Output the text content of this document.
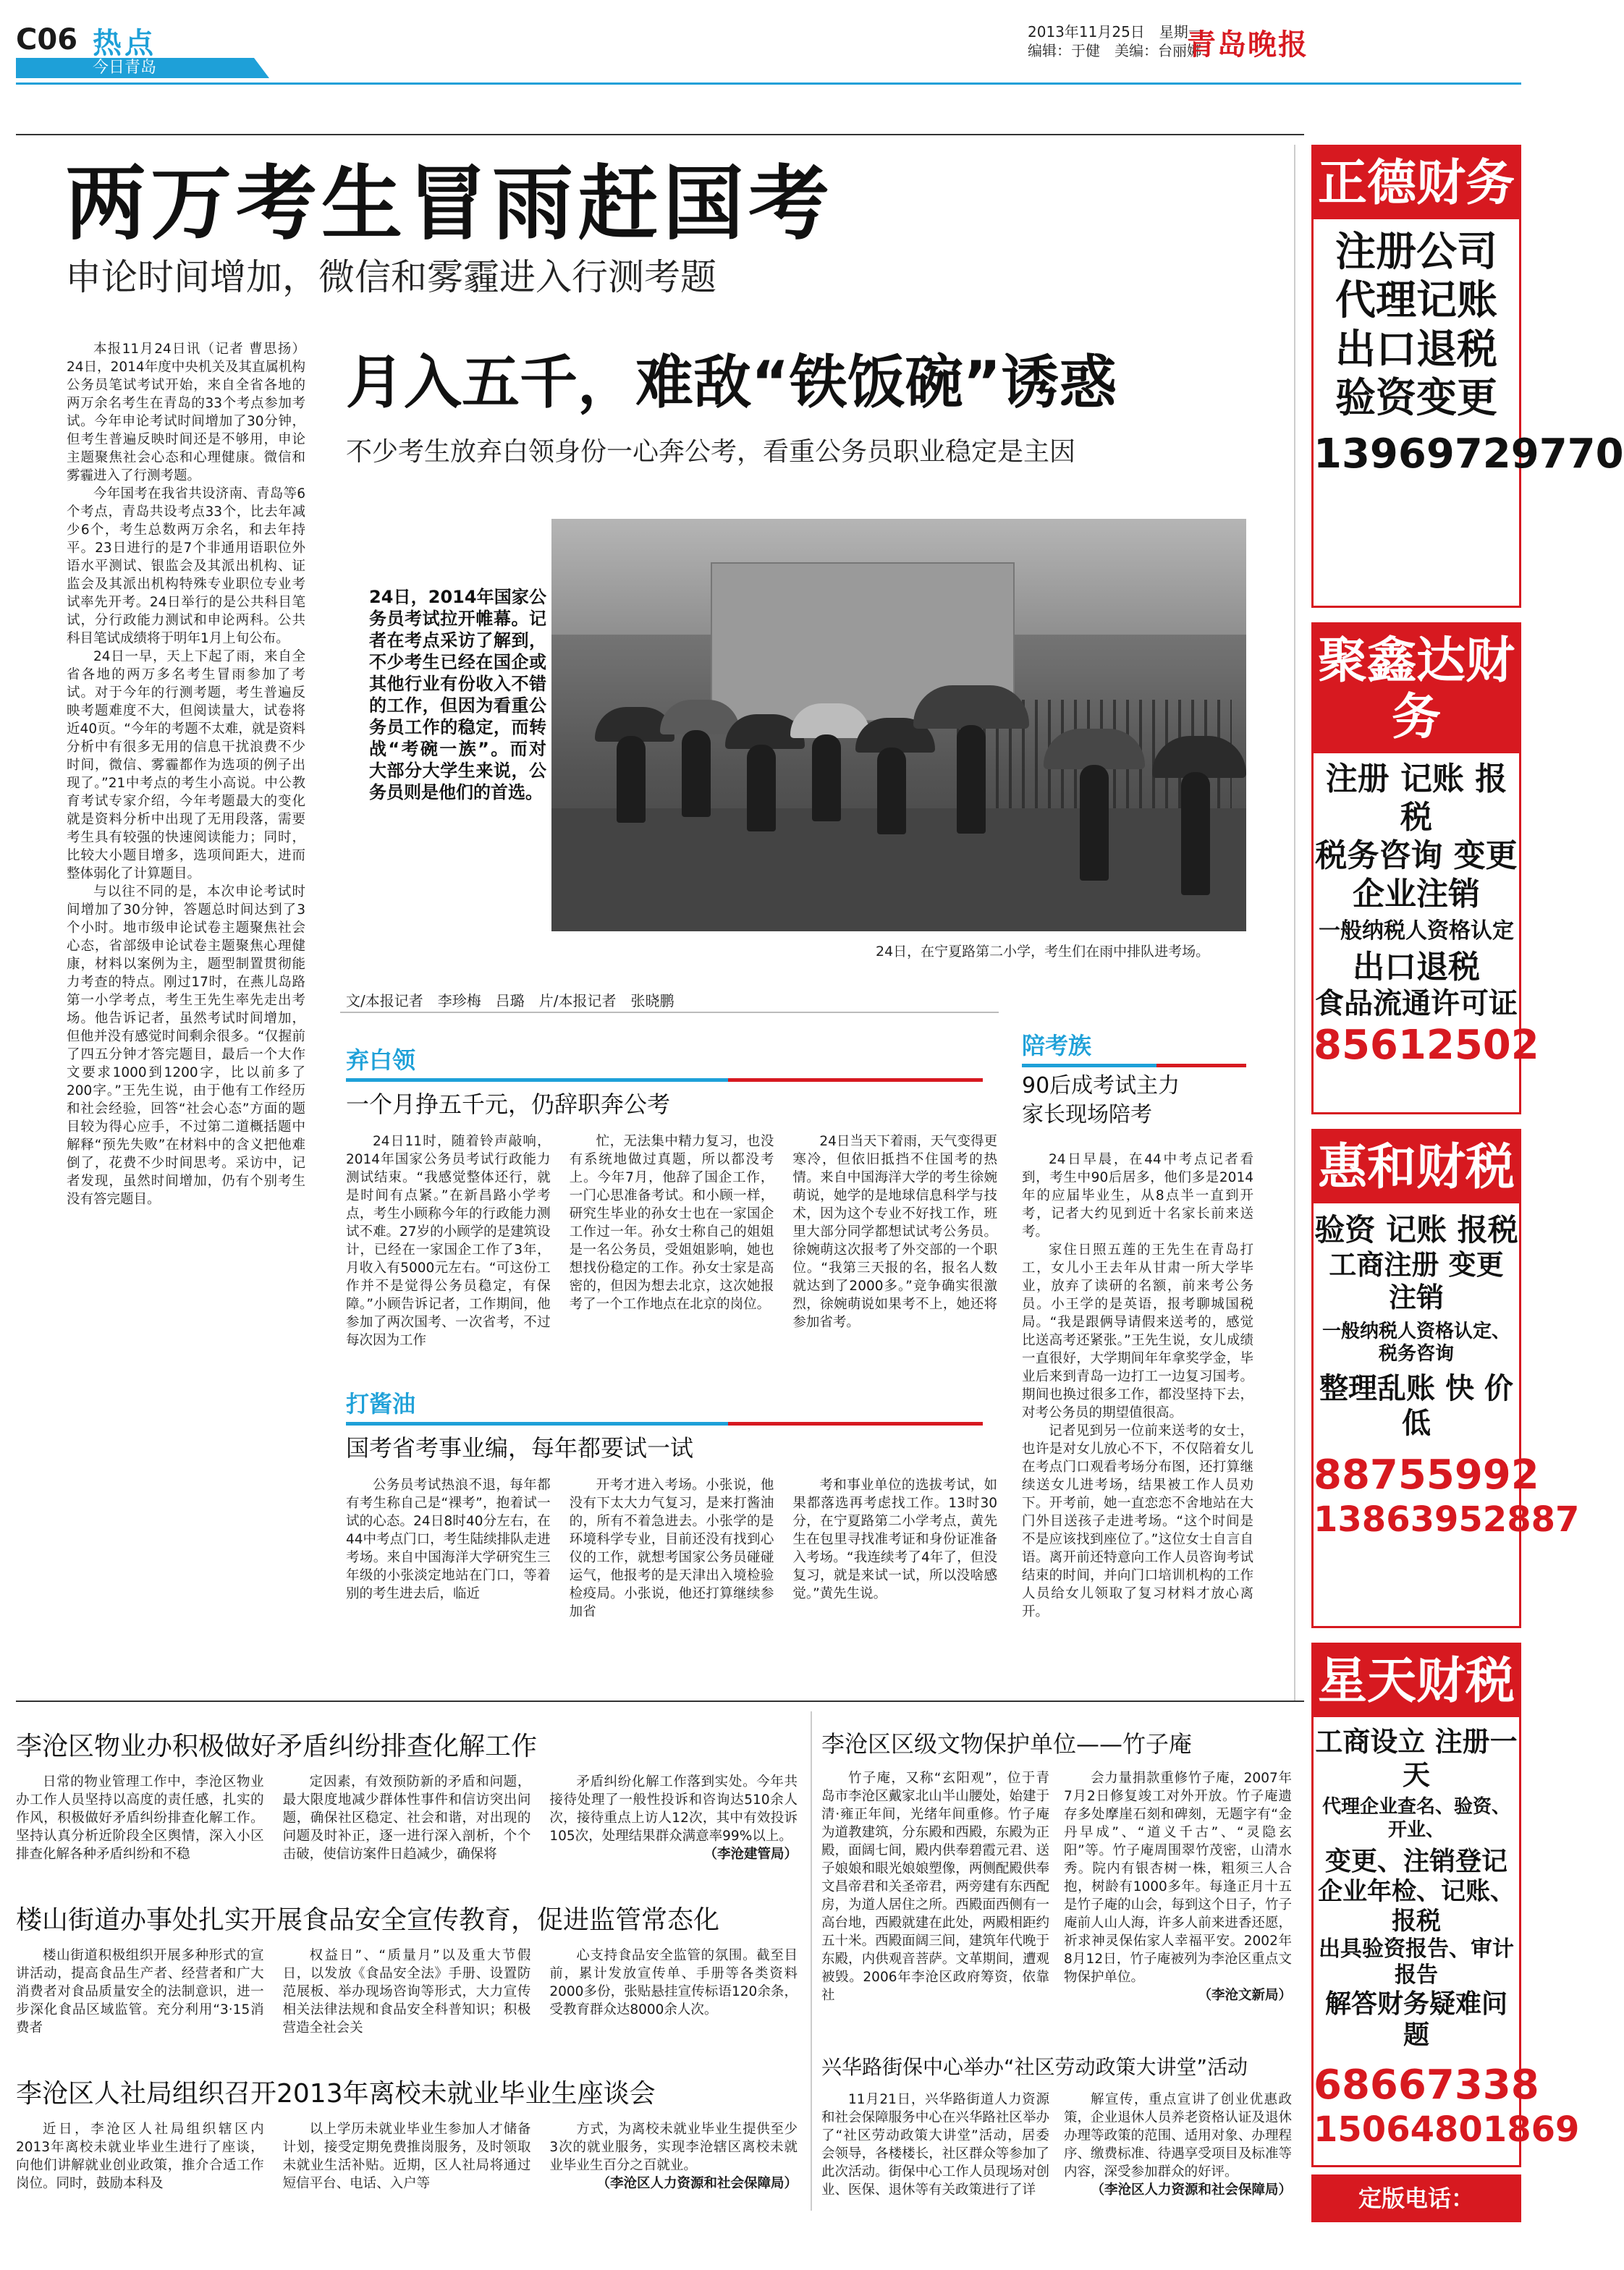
C06 热点
今日青岛
2013年11月25日　星期一
编辑：于健　美编：台丽娜
青岛晚报
两万考生冒雨赶国考
申论时间增加，微信和雾霾进入行测考题

本报11月24日讯（记者 曹思扬） 24日，2014年度中央机关及其直属机构公务员笔试考试开始，来自全省各地的两万余名考生在青岛的33个考点参加考试。今年申论考试时间增加了30分钟，但考生普遍反映时间还是不够用，申论主题聚焦社会心态和心理健康。微信和雾霾进入了行测考题。

今年国考在我省共设济南、青岛等6个考点，青岛共设考点33个，比去年减少6个，考生总数两万余名，和去年持平。23日进行的是7个非通用语职位外语水平测试、银监会及其派出机构、证监会及其派出机构特殊专业职位专业考试率先开考。24日举行的是公共科目笔试，分行政能力测试和申论两科。公共科目笔试成绩将于明年1月上旬公布。

24日一早，天上下起了雨，来自全省各地的两万多名考生冒雨参加了考试。对于今年的行测考题，考生普遍反映考题难度不大，但阅读量大，试卷将近40页。“今年的考题不太难，就是资料分析中有很多无用的信息干扰浪费不少时间，微信、雾霾都作为选项的例子出现了。”21中考点的考生小高说。中公教育考试专家介绍，今年考题最大的变化就是资料分析中出现了无用段落，需要考生具有较强的快速阅读能力；同时，比较大小题目增多，选项间距大，进而整体弱化了计算题目。

与以往不同的是，本次申论考试时间增加了30分钟，答题总时间达到了3个小时。地市级申论试卷主题聚焦社会心态，省部级申论试卷主题聚焦心理健康，材料以案例为主，题型制置贯彻能力考查的特点。刚过17时，在燕儿岛路第一小学考点，考生王先生率先走出考场。他告诉记者，虽然考试时间增加，但他并没有感觉时间剩余很多。“仅握前了四五分钟才答完题目，最后一个大作文要求1000到1200字，比以前多了200字。”王先生说，由于他有工作经历和社会经验，回答“社会心态”方面的题目较为得心应手，不过第二道概括题中解释“预先失败”在材料中的含义把他难倒了，花费不少时间思考。采访中，记者发现，虽然时间增加，仍有个别考生没有答完题目。

月入五千，难敌“铁饭碗”诱惑
不少考生放弃白领身份一心奔公考，看重公务员职业稳定是主因
24日，2014年国家公务员考试拉开帷幕。记者在考点采访了解到，不少考生已经在国企或其他行业有份收入不错的工作，但因为看重公务员工作的稳定，而转战“考碗一族”。而对大部分大学生来说，公务员则是他们的首选。
24日，在宁夏路第二小学，考生们在雨中排队进考场。
文/本报记者　李珍梅　吕璐　片/本报记者　张晓鹏
弃白领
一个月挣五千元，仍辞职奔公考

24日11时，随着铃声敲响，2014年国家公务员考试行政能力测试结束。“我感觉整体还行，就是时间有点紧。”在新昌路小学考点，考生小顾称今年的行政能力测试不难。27岁的小顾学的是建筑设计，已经在一家国企工作了3年，月收入有5000元左右。“可这份工作并不是觉得公务员稳定，有保障。”小顾告诉记者，工作期间，他参加了两次国考、一次省考，不过每次因为工作

忙，无法集中精力复习，也没有系统地做过真题，所以都没考上。今年7月，他辞了国企工作，一门心思准备考试。和小顾一样，研究生毕业的孙女士也在一家国企工作过一年。孙女士称自己的姐姐是一名公务员，受姐姐影响，她也想找份稳定的工作。孙女士家是高密的，但因为想去北京，这次她报考了一个工作地点在北京的岗位。

24日当天下着雨，天气变得更寒冷，但依旧抵挡不住国考的热情。来自中国海洋大学的考生徐婉萌说，她学的是地球信息科学与技术，因为这个专业不好找工作，班里大部分同学都想试试考公务员。徐婉萌这次报考了外交部的一个职位。“我第三天报的名，报名人数就达到了2000多。”竞争确实很激烈，徐婉萌说如果考不上，她还将参加省考。

打酱油
国考省考事业编，每年都要试一试

公务员考试热浪不退，每年都有考生称自己是“裸考”，抱着试一试的心态。24日8时40分左右，在44中考点门口，考生陆续排队走进考场。来自中国海洋大学研究生三年级的小张淡定地站在门口，等着别的考生进去后，临近

开考才进入考场。小张说，他没有下太大力气复习，是来打酱油的，所有不着急进去。小张学的是环境科学专业，目前还没有找到心仪的工作，就想考国家公务员碰碰运气，他报考的是天津出入境检验检疫局。小张说，他还打算继续参加省

考和事业单位的选拔考试，如果都落选再考虑找工作。13时30分，在宁夏路第二小学考点，黄先生在包里寻找准考证和身份证准备入考场。“我连续考了4年了，但没复习，就是来试一试，所以没啥感觉。”黄先生说。

陪考族
90后成考试主力
家长现场陪考

24日早晨，在44中考点记者看到，考生中90后居多，他们多是2014年的应届毕业生，从8点半一直到开考，记者大约见到近十名家长前来送考。

家住日照五莲的王先生在青岛打工，女儿小王去年从甘肃一所大学毕业，放弃了读研的名额，前来考公务员。小王学的是英语，报考聊城国税局。“我是跟俩导请假来送考的，感觉比送高考还紧张。”王先生说，女儿成绩一直很好，大学期间年年拿奖学金，毕业后来到青岛一边打工一边复习国考。期间也换过很多工作，都没坚持下去，对考公务员的期望值很高。

记者见到另一位前来送考的女士，也许是对女儿放心不下，不仅陪着女儿在考点门口观看考场分布图，还打算继续送女儿进考场，结果被工作人员劝下。开考前，她一直恋恋不舍地站在大门外目送孩子走进考场。“这个时间是不是应该找到座位了。”这位女士自言自语。离开前还特意向工作人员咨询考试结束的时间，并向门口培训机构的工作人员给女儿领取了复习材料才放心离开。

李沧区物业办积极做好矛盾纠纷排查化解工作

日常的物业管理工作中，李沧区物业办工作人员坚持以高度的责任感，扎实的作风，积极做好矛盾纠纷排查化解工作。坚持认真分析近阶段全区舆情，深入小区排查化解各种矛盾纠纷和不稳

定因素，有效预防新的矛盾和问题，最大限度地减少群体性事件和信访突出问题，确保社区稳定、社会和谐，对出现的问题及时补正，逐一进行深入剖析，个个击破，使信访案件日趋减少，确保将

矛盾纠纷化解工作落到实处。今年共接待处理了一般性投诉和咨询达510余人次，接待重点上访人12次，其中有效投诉105次，处理结果群众满意率99%以上。

（李沧建管局）
楼山街道办事处扎实开展食品安全宣传教育，促进监管常态化

楼山街道积极组织开展多种形式的宣讲活动，提高食品生产者、经营者和广大消费者对食品质量安全的法制意识，进一步深化食品区域监管。充分利用“3·15消费者

权益日”、“质量月”以及重大节假日，以发放《食品安全法》手册、设置防范展板、举办现场咨询等形式，大力宣传相关法律法规和食品安全科普知识；积极营造全社会关

心支持食品安全监管的氛围。截至目前，累计发放宣传单、手册等各类资料2000多份，张贴悬挂宣传标语120余条，受教育群众达8000余人次。

李沧区人社局组织召开2013年离校未就业毕业生座谈会

近日，李沧区人社局组织辖区内2013年离校未就业毕业生进行了座谈，向他们讲解就业创业政策，推介合适工作岗位。同时，鼓励本科及

以上学历未就业毕业生参加人才储备计划，接受定期免费推岗服务，及时领取未就业生活补贴。近期，区人社局将通过短信平台、电话、入户等

方式，为离校未就业毕业生提供至少3次的就业服务，实现李沧辖区离校未就业毕业生百分之百就业。

（李沧区人力资源和社会保障局）
李沧区区级文物保护单位——竹子庵

竹子庵，又称“玄阳观”，位于青岛市李沧区戴家北山半山腰处，始建于清·雍正年间，光绪年间重修。竹子庵为道教建筑，分东殿和西殿，东殿为正殿，面阔七间，殿内供奉碧霞元君、送子娘娘和眼光娘娘塑像，两侧配殿供奉文昌帝君和关圣帝君，两旁建有东西配房，为道人居住之所。西殿面西侧有一高台地，西殿就建在此处，两殿相距约五十米。西殿面阔三间，建筑年代晚于东殿，内供观音菩萨。文革期间，遭观被毁。2006年李沧区政府筹资，依靠社

会力量捐款重修竹子庵，2007年7月2日修复竣工对外开放。竹子庵遗存多处摩崖石刻和碑刻，无题字有“金丹早成”、“道义千古”、“灵隐玄阳”等。竹子庵周围翠竹茂密，山清水秀。院内有银杏树一株，粗须三人合抱，树龄有1000多年。每逢正月十五是竹子庵的山会，每到这个日子，竹子庵前人山人海，许多人前来进香还愿，祈求神灵保佑家人幸福平安。2002年8月12日，竹子庵被列为李沧区重点文物保护单位。

（李沧文新局）
兴华路街保中心举办“社区劳动政策大讲堂”活动

11月21日，兴华路街道人力资源和社会保障服务中心在兴华路社区举办了“社区劳动政策大讲堂”活动，居委会领导，各楼楼长，社区群众等参加了此次活动。街保中心工作人员现场对创业、医保、退休等有关政策进行了详

解宣传，重点宣讲了创业优惠政策，企业退休人员养老资格认证及退休办理等政策的范围、适用对象、办理程序、缴费标准、待遇享受项目及标准等内容，深受参加群众的好评。

（李沧区人力资源和社会保障局）
正德财务
注册公司
代理记账
出口退税
验资变更
13969729770
聚鑫达财务
注册 记账 报税
税务咨询 变更
企业注销
一般纳税人资格认定
出口退税
食品流通许可证
85612502
惠和财税
验资 记账 报税
工商注册 变更 注销
一般纳税人资格认定、税务咨询
整理乱账 快 价低
88755992
13863952887
星天财税
工商设立 注册一天
代理企业查名、验资、开业、
变更、注销登记
企业年检、记账、报税
出具验资报告、审计报告
解答财务疑难问题
68667338
15064801869
定版电话：81186679
